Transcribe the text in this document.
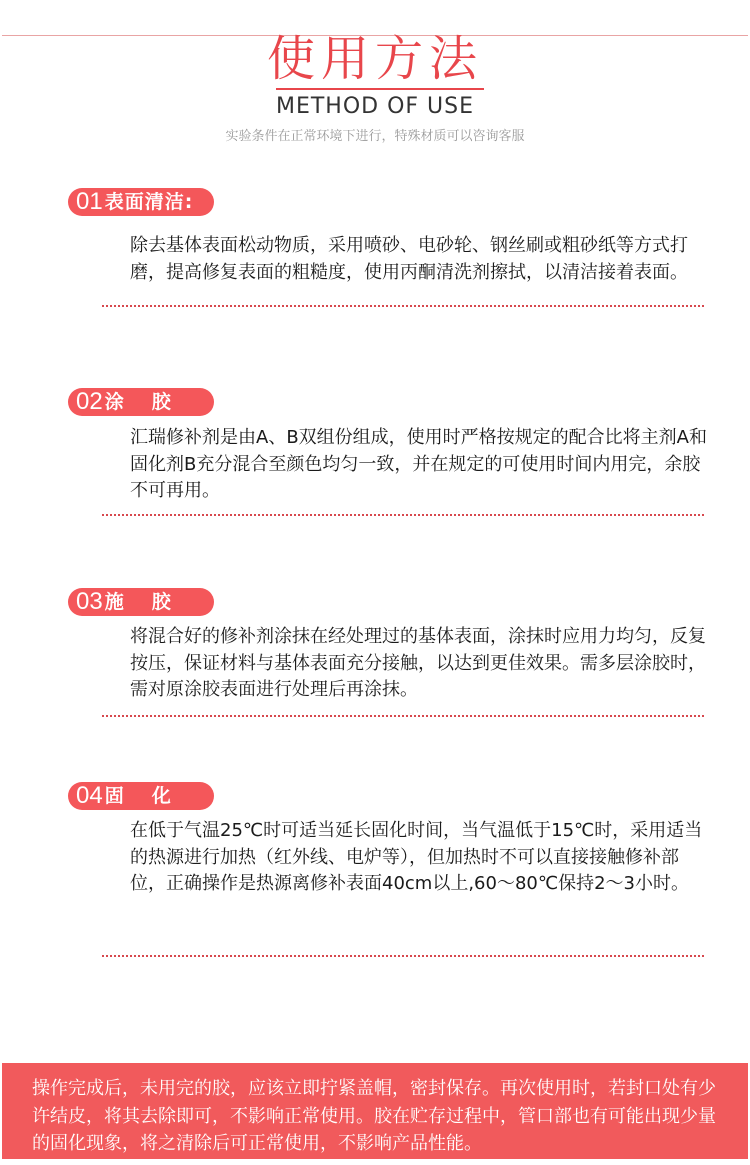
使用方法
METHOD OF USE
实验条件在正常环境下进行，特殊材质可以咨询客服
01 表面清洁:
除去基体表面松动物质，采用喷砂、电砂轮、钢丝刷或粗砂纸等方式打磨，提高修复表面的粗糙度，使用丙酮清洗剂擦拭，以清洁接着表面。
02 涂胶
汇瑞修补剂是由A、B双组份组成，使用时严格按规定的配合比将主剂A和固化剂B充分混合至颜色均匀一致，并在规定的可使用时间内用完，余胶不可再用。
03 施胶
将混合好的修补剂涂抹在经处理过的基体表面，涂抹时应用力均匀，反复按压，保证材料与基体表面充分接触，以达到更佳效果。需多层涂胶时，需对原涂胶表面进行处理后再涂抹。
04 固化
在低于气温25℃时可适当延长固化时间，当气温低于15℃时，采用适当的热源进行加热（红外线、电炉等），但加热时不可以直接接触修补部位，正确操作是热源离修补表面40cm以上,60～80℃保持2～3小时。
操作完成后，未用完的胶，应该立即拧紧盖帽，密封保存。再次使用时，若封口处有少许结皮，将其去除即可，不影响正常使用。胶在贮存过程中，管口部也有可能出现少量的固化现象，将之清除后可正常使用，不影响产品性能。
